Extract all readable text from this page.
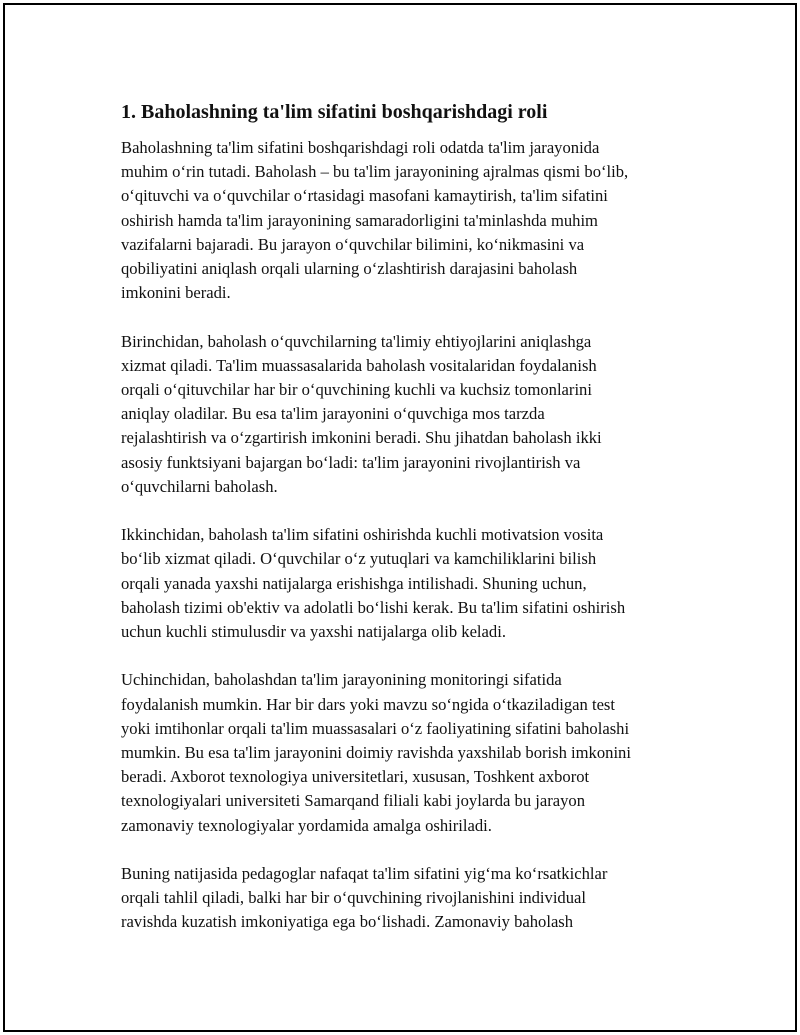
1. Baholashning ta'lim sifatini boshqarishdagi roli

Baholashning ta'lim sifatini boshqarishdagi roli odatda ta'lim jarayonida
muhim o‘rin tutadi. Baholash – bu ta'lim jarayonining ajralmas qismi bo‘lib,
o‘qituvchi va o‘quvchilar o‘rtasidagi masofani kamaytirish, ta'lim sifatini
oshirish hamda ta'lim jarayonining samaradorligini ta'minlashda muhim
vazifalarni bajaradi. Bu jarayon o‘quvchilar bilimini, ko‘nikmasini va
qobiliyatini aniqlash orqali ularning o‘zlashtirish darajasini baholash
imkonini beradi.

Birinchidan, baholash o‘quvchilarning ta'limiy ehtiyojlarini aniqlashga
xizmat qiladi. Ta'lim muassasalarida baholash vositalaridan foydalanish
orqali o‘qituvchilar har bir o‘quvchining kuchli va kuchsiz tomonlarini
aniqlay oladilar. Bu esa ta'lim jarayonini o‘quvchiga mos tarzda
rejalashtirish va o‘zgartirish imkonini beradi. Shu jihatdan baholash ikki
asosiy funktsiyani bajargan bo‘ladi: ta'lim jarayonini rivojlantirish va
o‘quvchilarni baholash.

Ikkinchidan, baholash ta'lim sifatini oshirishda kuchli motivatsion vosita
bo‘lib xizmat qiladi. O‘quvchilar o‘z yutuqlari va kamchiliklarini bilish
orqali yanada yaxshi natijalarga erishishga intilishadi. Shuning uchun,
baholash tizimi ob'ektiv va adolatli bo‘lishi kerak. Bu ta'lim sifatini oshirish
uchun kuchli stimulusdir va yaxshi natijalarga olib keladi.

Uchinchidan, baholashdan ta'lim jarayonining monitoringi sifatida
foydalanish mumkin. Har bir dars yoki mavzu so‘ngida o‘tkaziladigan test
yoki imtihonlar orqali ta'lim muassasalari o‘z faoliyatining sifatini baholashi
mumkin. Bu esa ta'lim jarayonini doimiy ravishda yaxshilab borish imkonini
beradi. Axborot texnologiya universitetlari, xususan, Toshkent axborot
texnologiyalari universiteti Samarqand filiali kabi joylarda bu jarayon
zamonaviy texnologiyalar yordamida amalga oshiriladi.

Buning natijasida pedagoglar nafaqat ta'lim sifatini yig‘ma ko‘rsatkichlar
orqali tahlil qiladi, balki har bir o‘quvchining rivojlanishini individual
ravishda kuzatish imkoniyatiga ega bo‘lishadi. Zamonaviy baholash
